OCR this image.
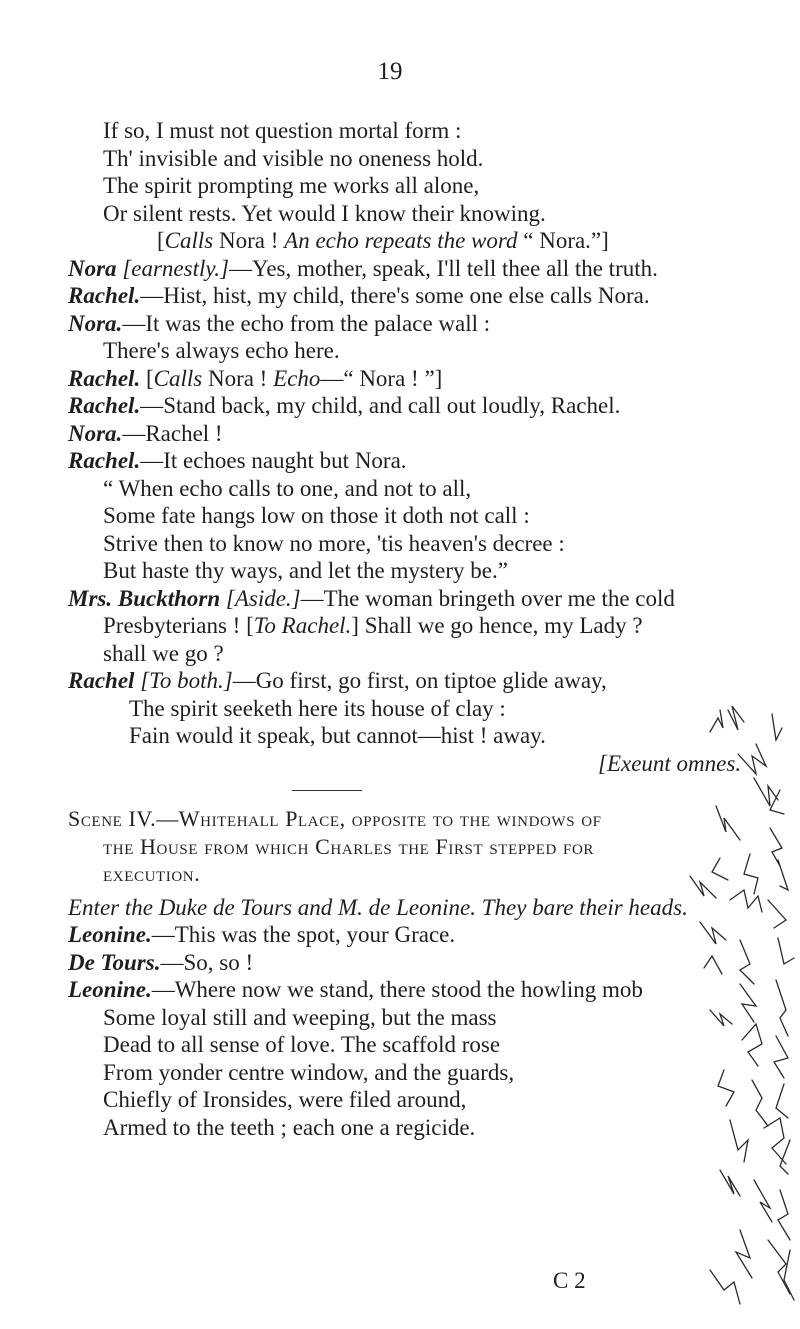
19
If so, I must not question mortal form :
Th' invisible and visible no oneness hold.
The spirit prompting me works all alone,
Or silent rests. Yet would I know their knowing.
[Calls Nora ! An echo repeats the word “ Nora.”]
Nora [earnestly.]—Yes, mother, speak, I'll tell thee all the truth.
Rachel.—Hist, hist, my child, there's some one else calls Nora.
Nora.—It was the echo from the palace wall :
There's always echo here.
Rachel. [Calls Nora ! Echo—“ Nora ! ”]
Rachel.—Stand back, my child, and call out loudly, Rachel.
Nora.—Rachel !
Rachel.—It echoes naught but Nora.
“ When echo calls to one, and not to all,
Some fate hangs low on those it doth not call :
Strive then to know no more, 'tis heaven's decree :
But haste thy ways, and let the mystery be.”
Mrs. Buckthorn [Aside.]—The woman bringeth over me the cold
Presbyterians ! [To Rachel.] Shall we go hence, my Lady ?
shall we go ?
Rachel [To both.]—Go first, go first, on tiptoe glide away,
The spirit seeketh here its house of clay :
Fain would it speak, but cannot—hist ! away.
[Exeunt omnes.
Scene IV.—Whitehall Place, opposite to the windows of
the House from which Charles the First stepped for
execution.
Enter the Duke de Tours and M. de Leonine. They bare their heads.
Leonine.—This was the spot, your Grace.
De Tours.—So, so !
Leonine.—Where now we stand, there stood the howling mob
Some loyal still and weeping, but the mass
Dead to all sense of love. The scaffold rose
From yonder centre window, and the guards,
Chiefly of Ironsides, were filed around,
Armed to the teeth ; each one a regicide.
C 2
